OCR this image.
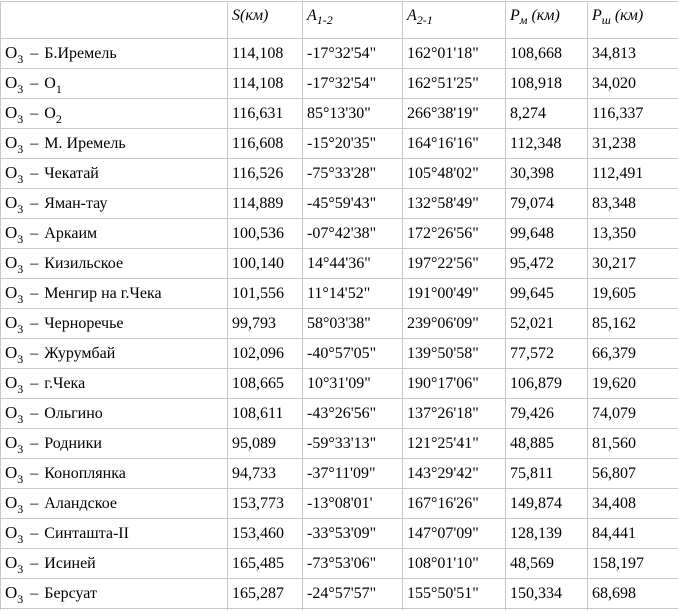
	S(км)	$A_{1-2}$	$A_{2-1}$	$P_м$ (км)	$P_ш$ (км)
$O_3$ – Б.Иремель	114,108	-17°32'54"	162°01'18"	108,668	34,813
$O_3 - O_1$	114,108	-17°32'54"	162°51'25"	108,918	34,020
$O_3 - O_2$	116,631	85°13'30"	266°38'19"	8,274	116,337
$O_3$ – М. Иремель	116,608	-15°20'35"	164°16'16"	112,348	31,238
$O_3$ – Чекатай	116,526	-75°33'28"	105°48'02"	30,398	112,491
$O_3$ – Яман-тау	114,889	-45°59'43"	132°58'49"	79,074	83,348
$O_3$ – Аркаим	100,536	-07°42'38"	172°26'56"	99,648	13,350
$O_3$ – Кизильское	100,140	14°44'36"	197°22'56"	95,472	30,217
$O_3$ – Менгир на г.Чека	101,556	11°14'52"	191°00'49"	99,645	19,605
$O_3$ – Черноречье	99,793	58°03'38"	239°06'09"	52,021	85,162
$O_3$ – Журумбай	102,096	-40°57'05"	139°50'58"	77,572	66,379
$O_3$ – г.Чека	108,665	10°31'09"	190°17'06"	106,879	19,620
$O_3$ – Ольгино	108,611	-43°26'56"	137°26'18"	79,426	74,079
$O_3$ – Родники	95,089	-59°33'13"	121°25'41"	48,885	81,560
$O_3$ – Коноплянка	94,733	-37°11'09"	143°29'42"	75,811	56,807
$O_3$ – Аландское	153,773	-13°08'01'	167°16'26"	149,874	34,408
$O_3$ – Синташта-II	153,460	-33°53'09"	147°07'09"	128,139	84,441
$O_3$ – Исиней	165,485	-73°53'06"	108°01'10"	48,569	158,197
$O_3$ – Берсуат	165,287	-24°57'57"	155°50'51"	150,334	68,698
